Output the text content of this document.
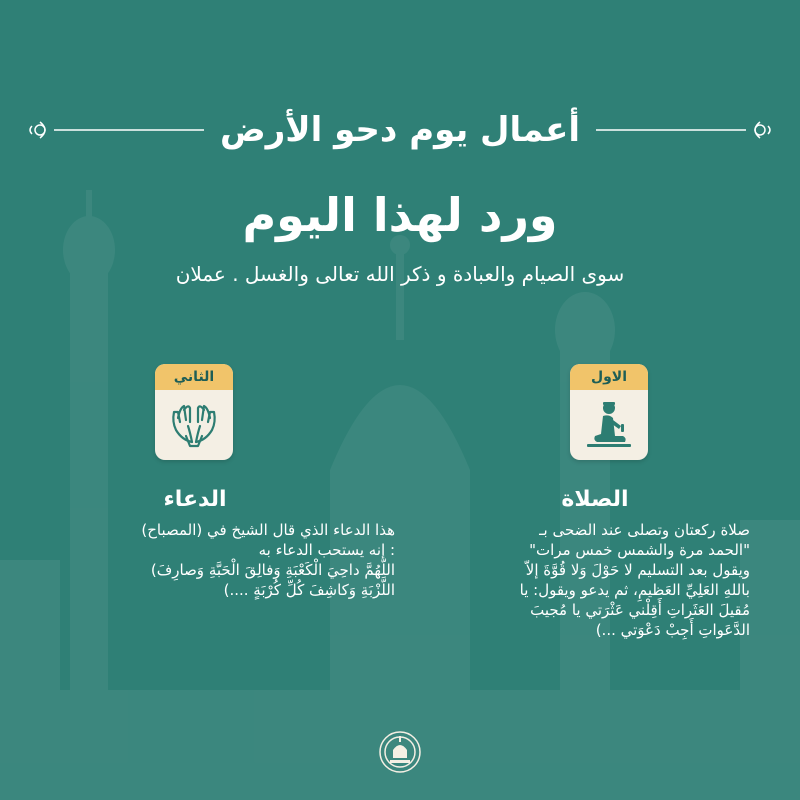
أعمال يوم دحو الأرض
ورد لهذا اليوم
سوى الصيام والعبادة و ذكر الله تعالى والغسل . عملان
الاول
الصلاة
صلاة ركعتان وتصلى عند الضحى بـ
"الحمد مرة والشمس خمس مرات"
ويقول بعد التسليم لا حَوْلَ وَلا قُوَّةَ إلاّ
باللهِ العَلِيِّ العَظيمِ، ثم يدعو ويقول: يا
مُقيلَ العَثَراتِ أَقِلْني عَثْرَتي يا مُجيبَ
الدَّعَواتِ أَجِبْ دَعْوَتي ...)
الثاني
الدعاء
هذا الدعاء الذي قال الشيخ في (المصباح)
: إنه يستحب الدعاء به
اللّهُمَّ داحِيَ الْكَعْبَةِ وَفالِقَ الْحَبَّةِ وَصارِفَ)
اللَّزْبَةِ وَكاشِفَ كُلِّ كُرْبَةٍ ....)
